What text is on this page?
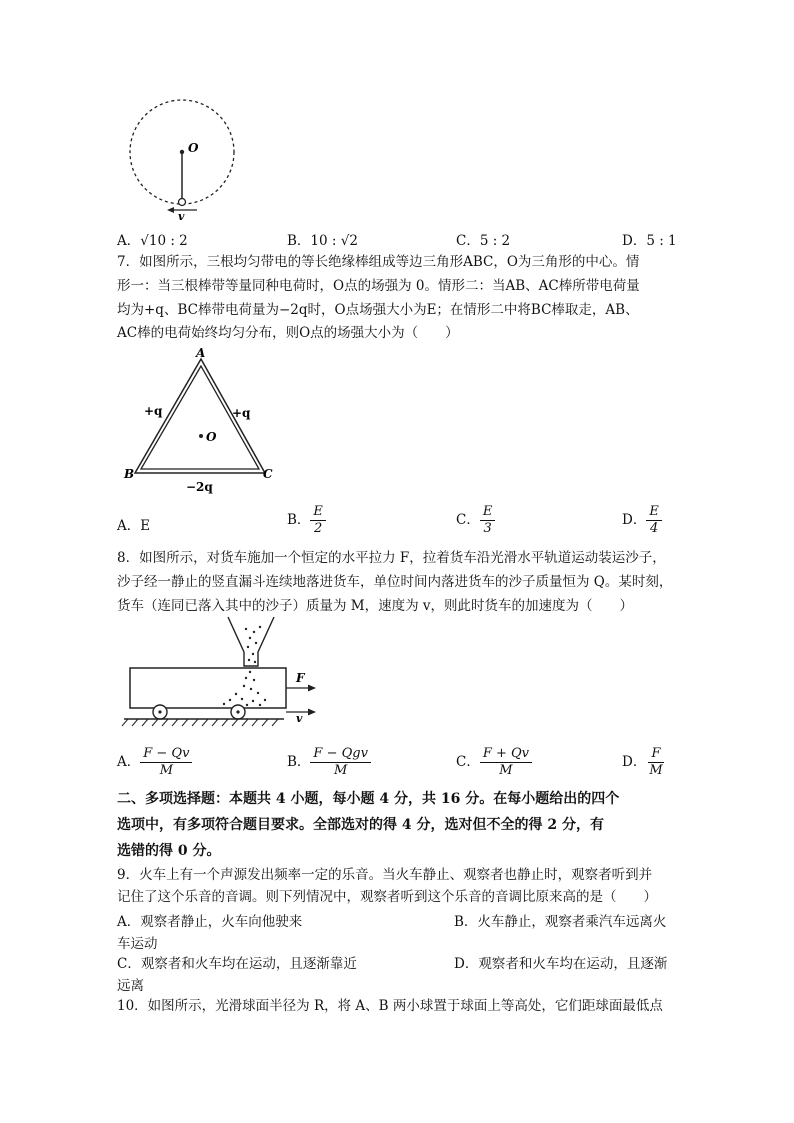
O
v
A．√10 : 2	B．10 : √2	C．5 : 2	D．5 : 1
7．如图所示，三根均匀带电的等长绝缘棒组成等边三角形ABC，O为三角形的中心。情
形一：当三根棒带等量同种电荷时，O点的场强为 0。情形二：当AB、AC棒所带电荷量
均为+q、BC棒带电荷量为−2q时，O点场强大小为E；在情形二中将BC棒取走，AB、
AC棒的电荷始终均匀分布，则O点的场强大小为（　　）
A
B	C
O
+q	+q
−2q
A．E	B． $\frac{E}{2}$	C． $\frac{E}{3}$	D． $\frac{E}{4}$
8．如图所示，对货车施加一个恒定的水平拉力 F，拉着货车沿光滑水平轨道运动装运沙子，
沙子经一静止的竖直漏斗连续地落进货车，单位时间内落进货车的沙子质量恒为 Q。某时刻，
货车（连同已落入其中的沙子）质量为 M，速度为 v，则此时货车的加速度为（　　）
F
v
A． $\frac{F - Qv}{M}$	B． $\frac{\text{F − Qgv}}{M}$	C． $\frac{F + Qv}{M}$	D． $\frac{F}{M}$
二、多项选择题：本题共 4 小题，每小题 4 分，共 16 分。在每小题给出的四个
选项中，有多项符合题目要求。全部选对的得 4 分，选对但不全的得 2 分，有
选错的得 0 分。
9．火车上有一个声源发出频率一定的乐音。当火车静止、观察者也静止时，观察者听到并
记住了这个乐音的音调。则下列情况中，观察者听到这个乐音的音调比原来高的是（　　）
A．观察者静止，火车向他驶来	B．火车静止，观察者乘汽车远离火
车运动
C．观察者和火车均在运动，且逐渐靠近	D．观察者和火车均在运动，且逐渐
远离
10．如图所示，光滑球面半径为 R，将 A、B 两小球置于球面上等高处，它们距球面最低点
